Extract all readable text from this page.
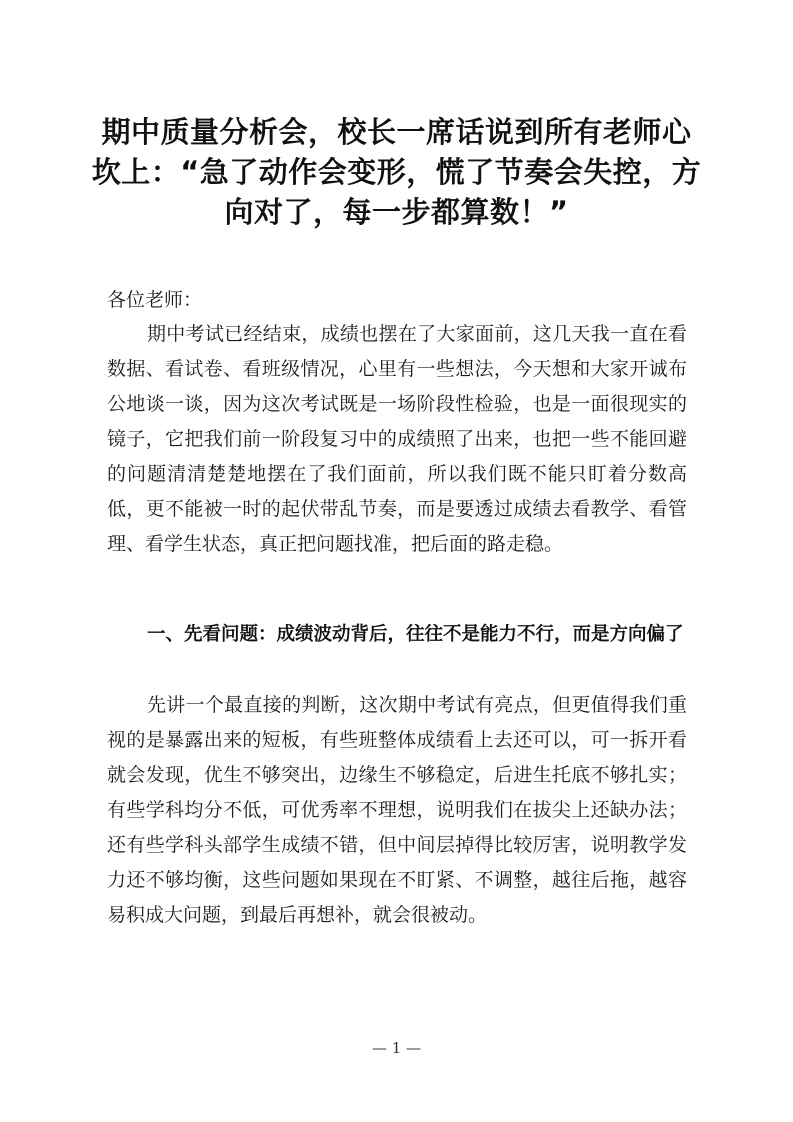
期中质量分析会，校长一席话说到所有老师心坎上：“急了动作会变形，慌了节奏会失控，方向对了，每一步都算数！”

各位老师：

期中考试已经结束，成绩也摆在了大家面前，这几天我一直在看数据、看试卷、看班级情况，心里有一些想法，今天想和大家开诚布公地谈一谈，因为这次考试既是一场阶段性检验，也是一面很现实的镜子，它把我们前一阶段复习中的成绩照了出来，也把一些不能回避的问题清清楚楚地摆在了我们面前，所以我们既不能只盯着分数高低，更不能被一时的起伏带乱节奏，而是要透过成绩去看教学、看管理、看学生状态，真正把问题找准，把后面的路走稳。

一、先看问题：成绩波动背后，往往不是能力不行，而是方向偏了

先讲一个最直接的判断，这次期中考试有亮点，但更值得我们重视的是暴露出来的短板，有些班整体成绩看上去还可以，可一拆开看就会发现，优生不够突出，边缘生不够稳定，后进生托底不够扎实；有些学科均分不低，可优秀率不理想，说明我们在拔尖上还缺办法；还有些学科头部学生成绩不错，但中间层掉得比较厉害，说明教学发力还不够均衡，这些问题如果现在不盯紧、不调整，越往后拖，越容易积成大问题，到最后再想补，就会很被动。

— 1 —
